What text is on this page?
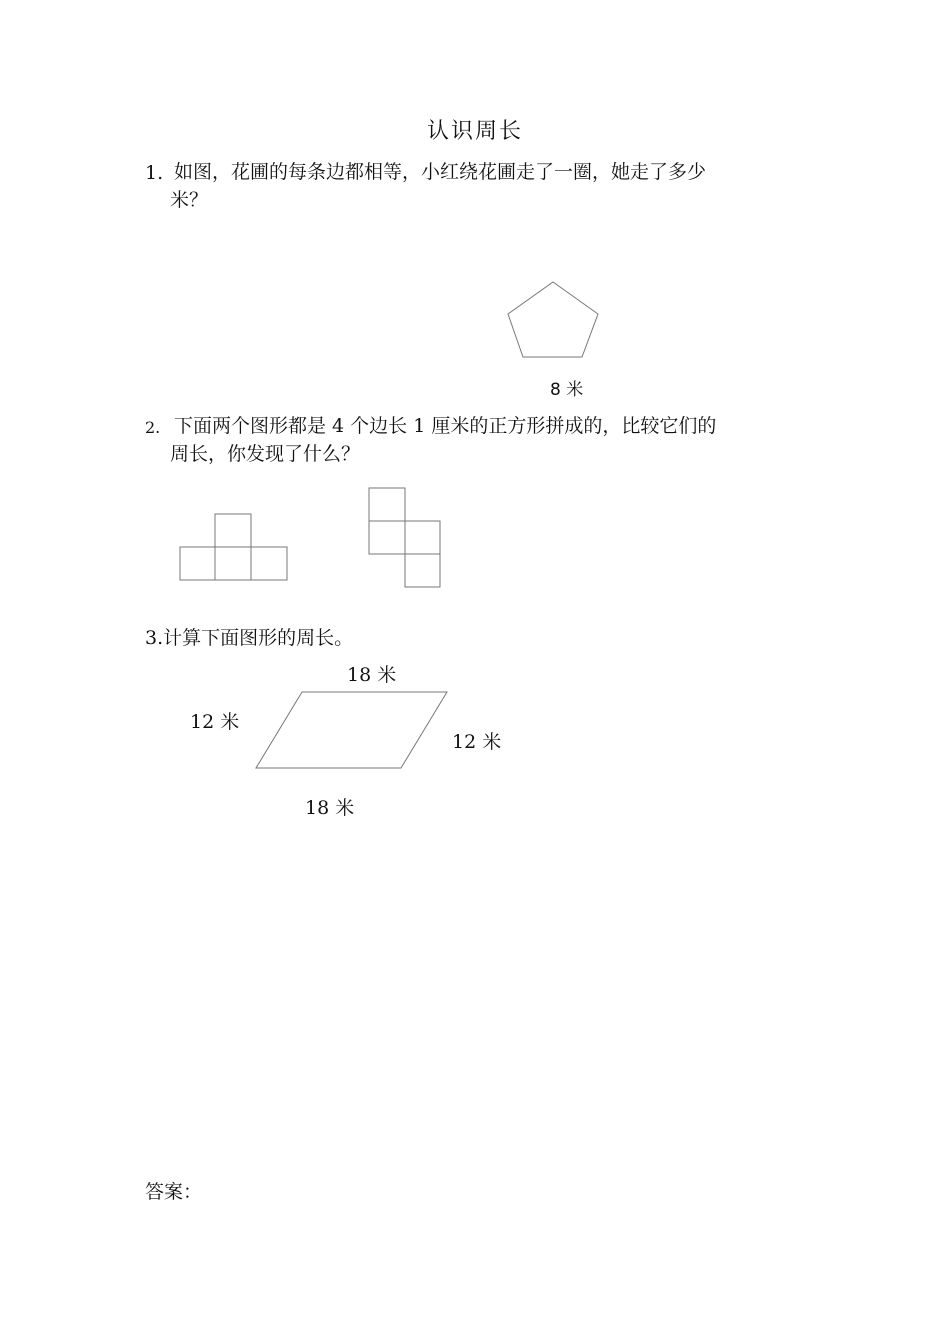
认识周长
1. 如图，花圃的每条边都相等，小红绕花圃走了一圈，她走了多少
米？
2. 下面两个图形都是 4 个边长 1 厘米的正方形拼成的，比较它们的
周长，你发现了什么？
3.计算下面图形的周长。
8 米
18 米
12 米
12 米
18 米
答案：
